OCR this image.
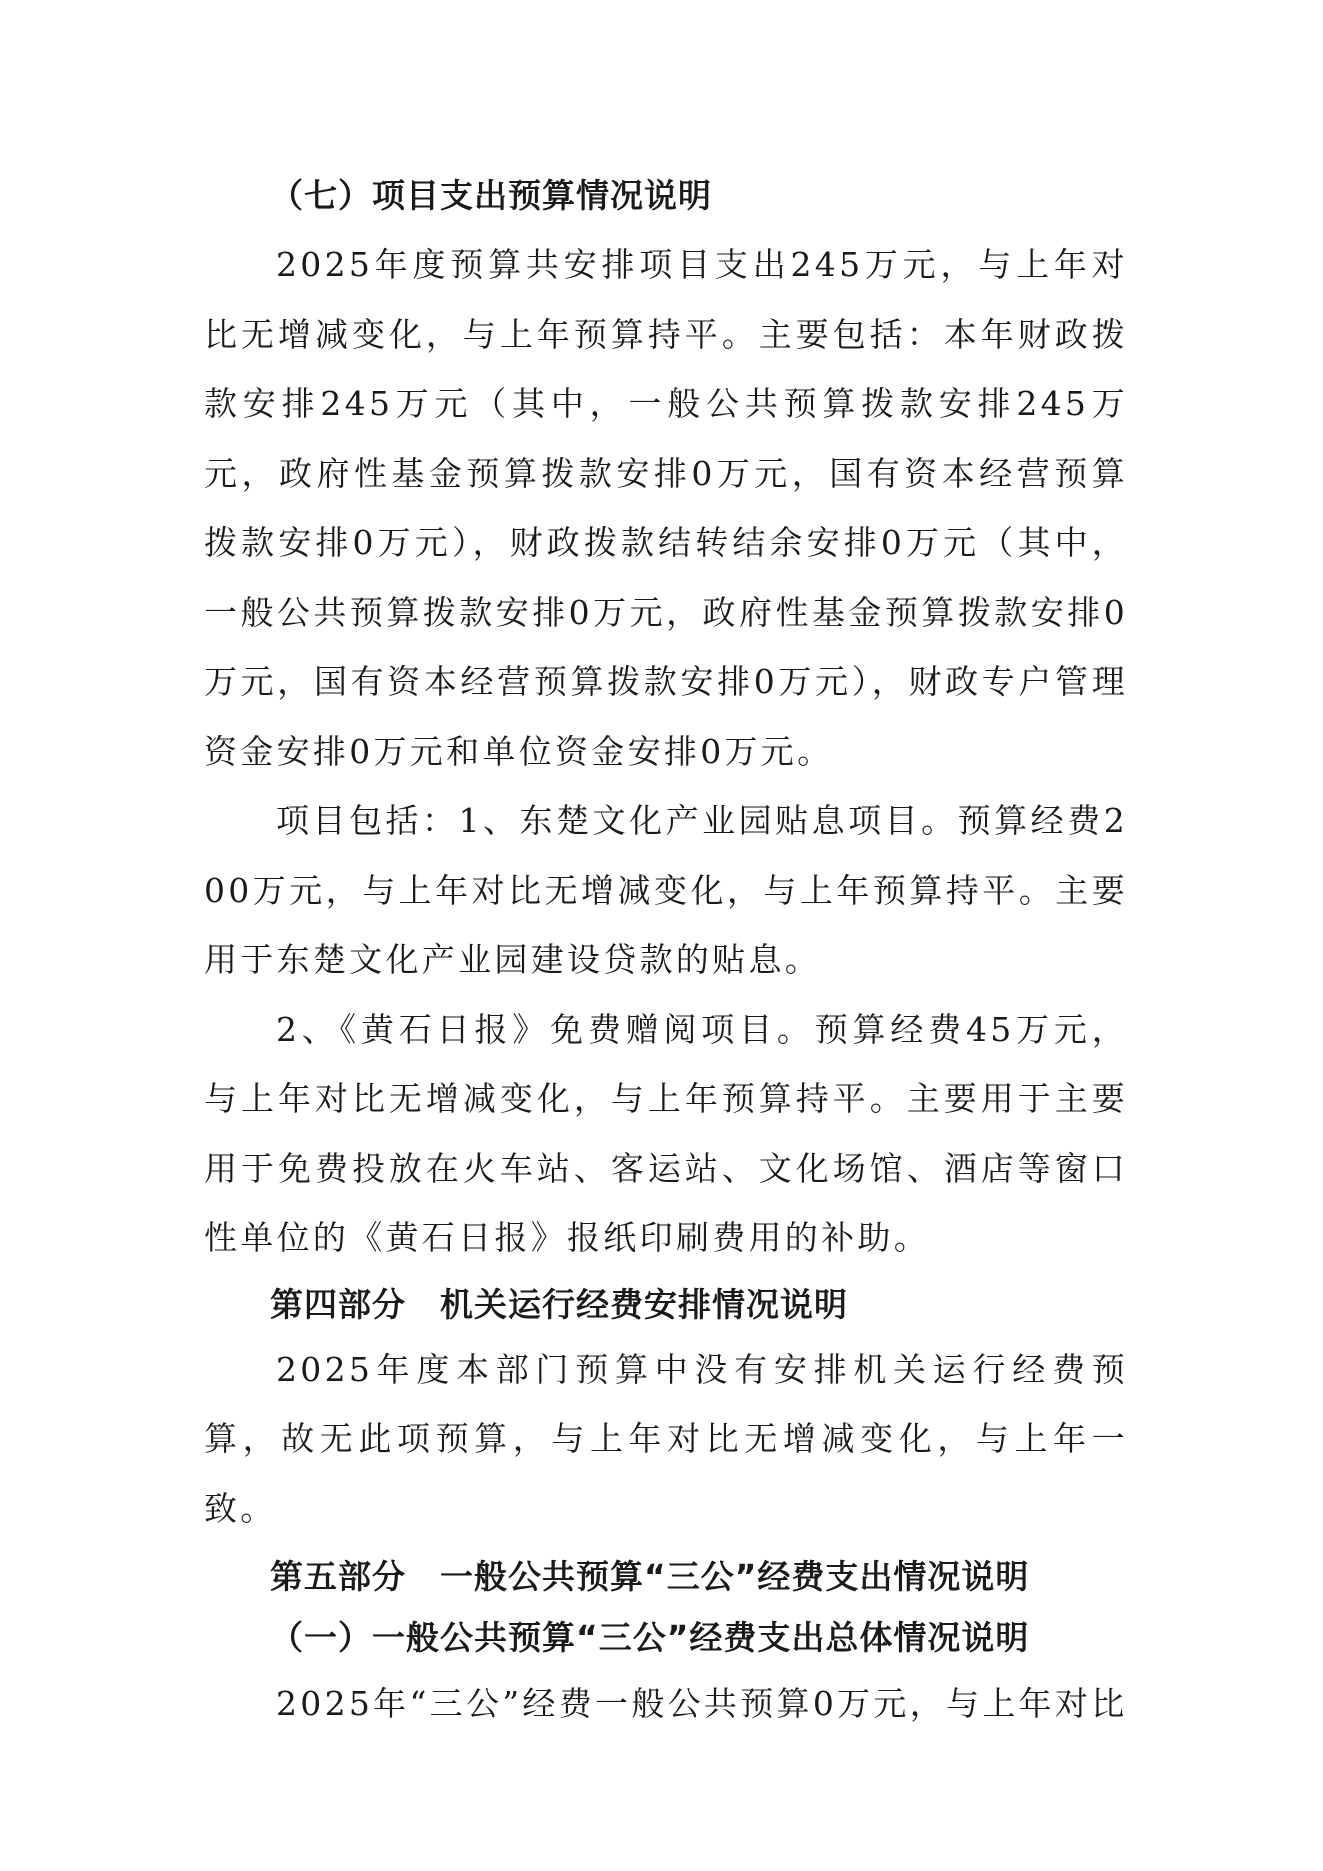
（七）项目支出预算情况说明

2025年度预算共安排项目支出245万元，与上年对比无增减变化，与上年预算持平。主要包括：本年财政拨款安排245万元（其中，一般公共预算拨款安排245万元，政府性基金预算拨款安排0万元，国有资本经营预算拨款安排0万元），财政拨款结转结余安排0万元（其中，一般公共预算拨款安排0万元，政府性基金预算拨款安排0万元，国有资本经营预算拨款安排0万元），财政专户管理资金安排0万元和单位资金安排0万元。

项目包括：1、东楚文化产业园贴息项目。预算经费200万元，与上年对比无增减变化，与上年预算持平。主要用于东楚文化产业园建设贷款的贴息。

2、《黄石日报》免费赠阅项目。预算经费45万元，与上年对比无增减变化，与上年预算持平。主要用于主要用于免费投放在火车站、客运站、文化场馆、酒店等窗口性单位的《黄石日报》报纸印刷费用的补助。

第四部分　机关运行经费安排情况说明

2025年度本部门预算中没有安排机关运行经费预算，故无此项预算，与上年对比无增减变化，与上年一致。

第五部分　一般公共预算“三公”经费支出情况说明
（一）一般公共预算“三公”经费支出总体情况说明

2025年“三公”经费一般公共预算0万元，与上年对比
